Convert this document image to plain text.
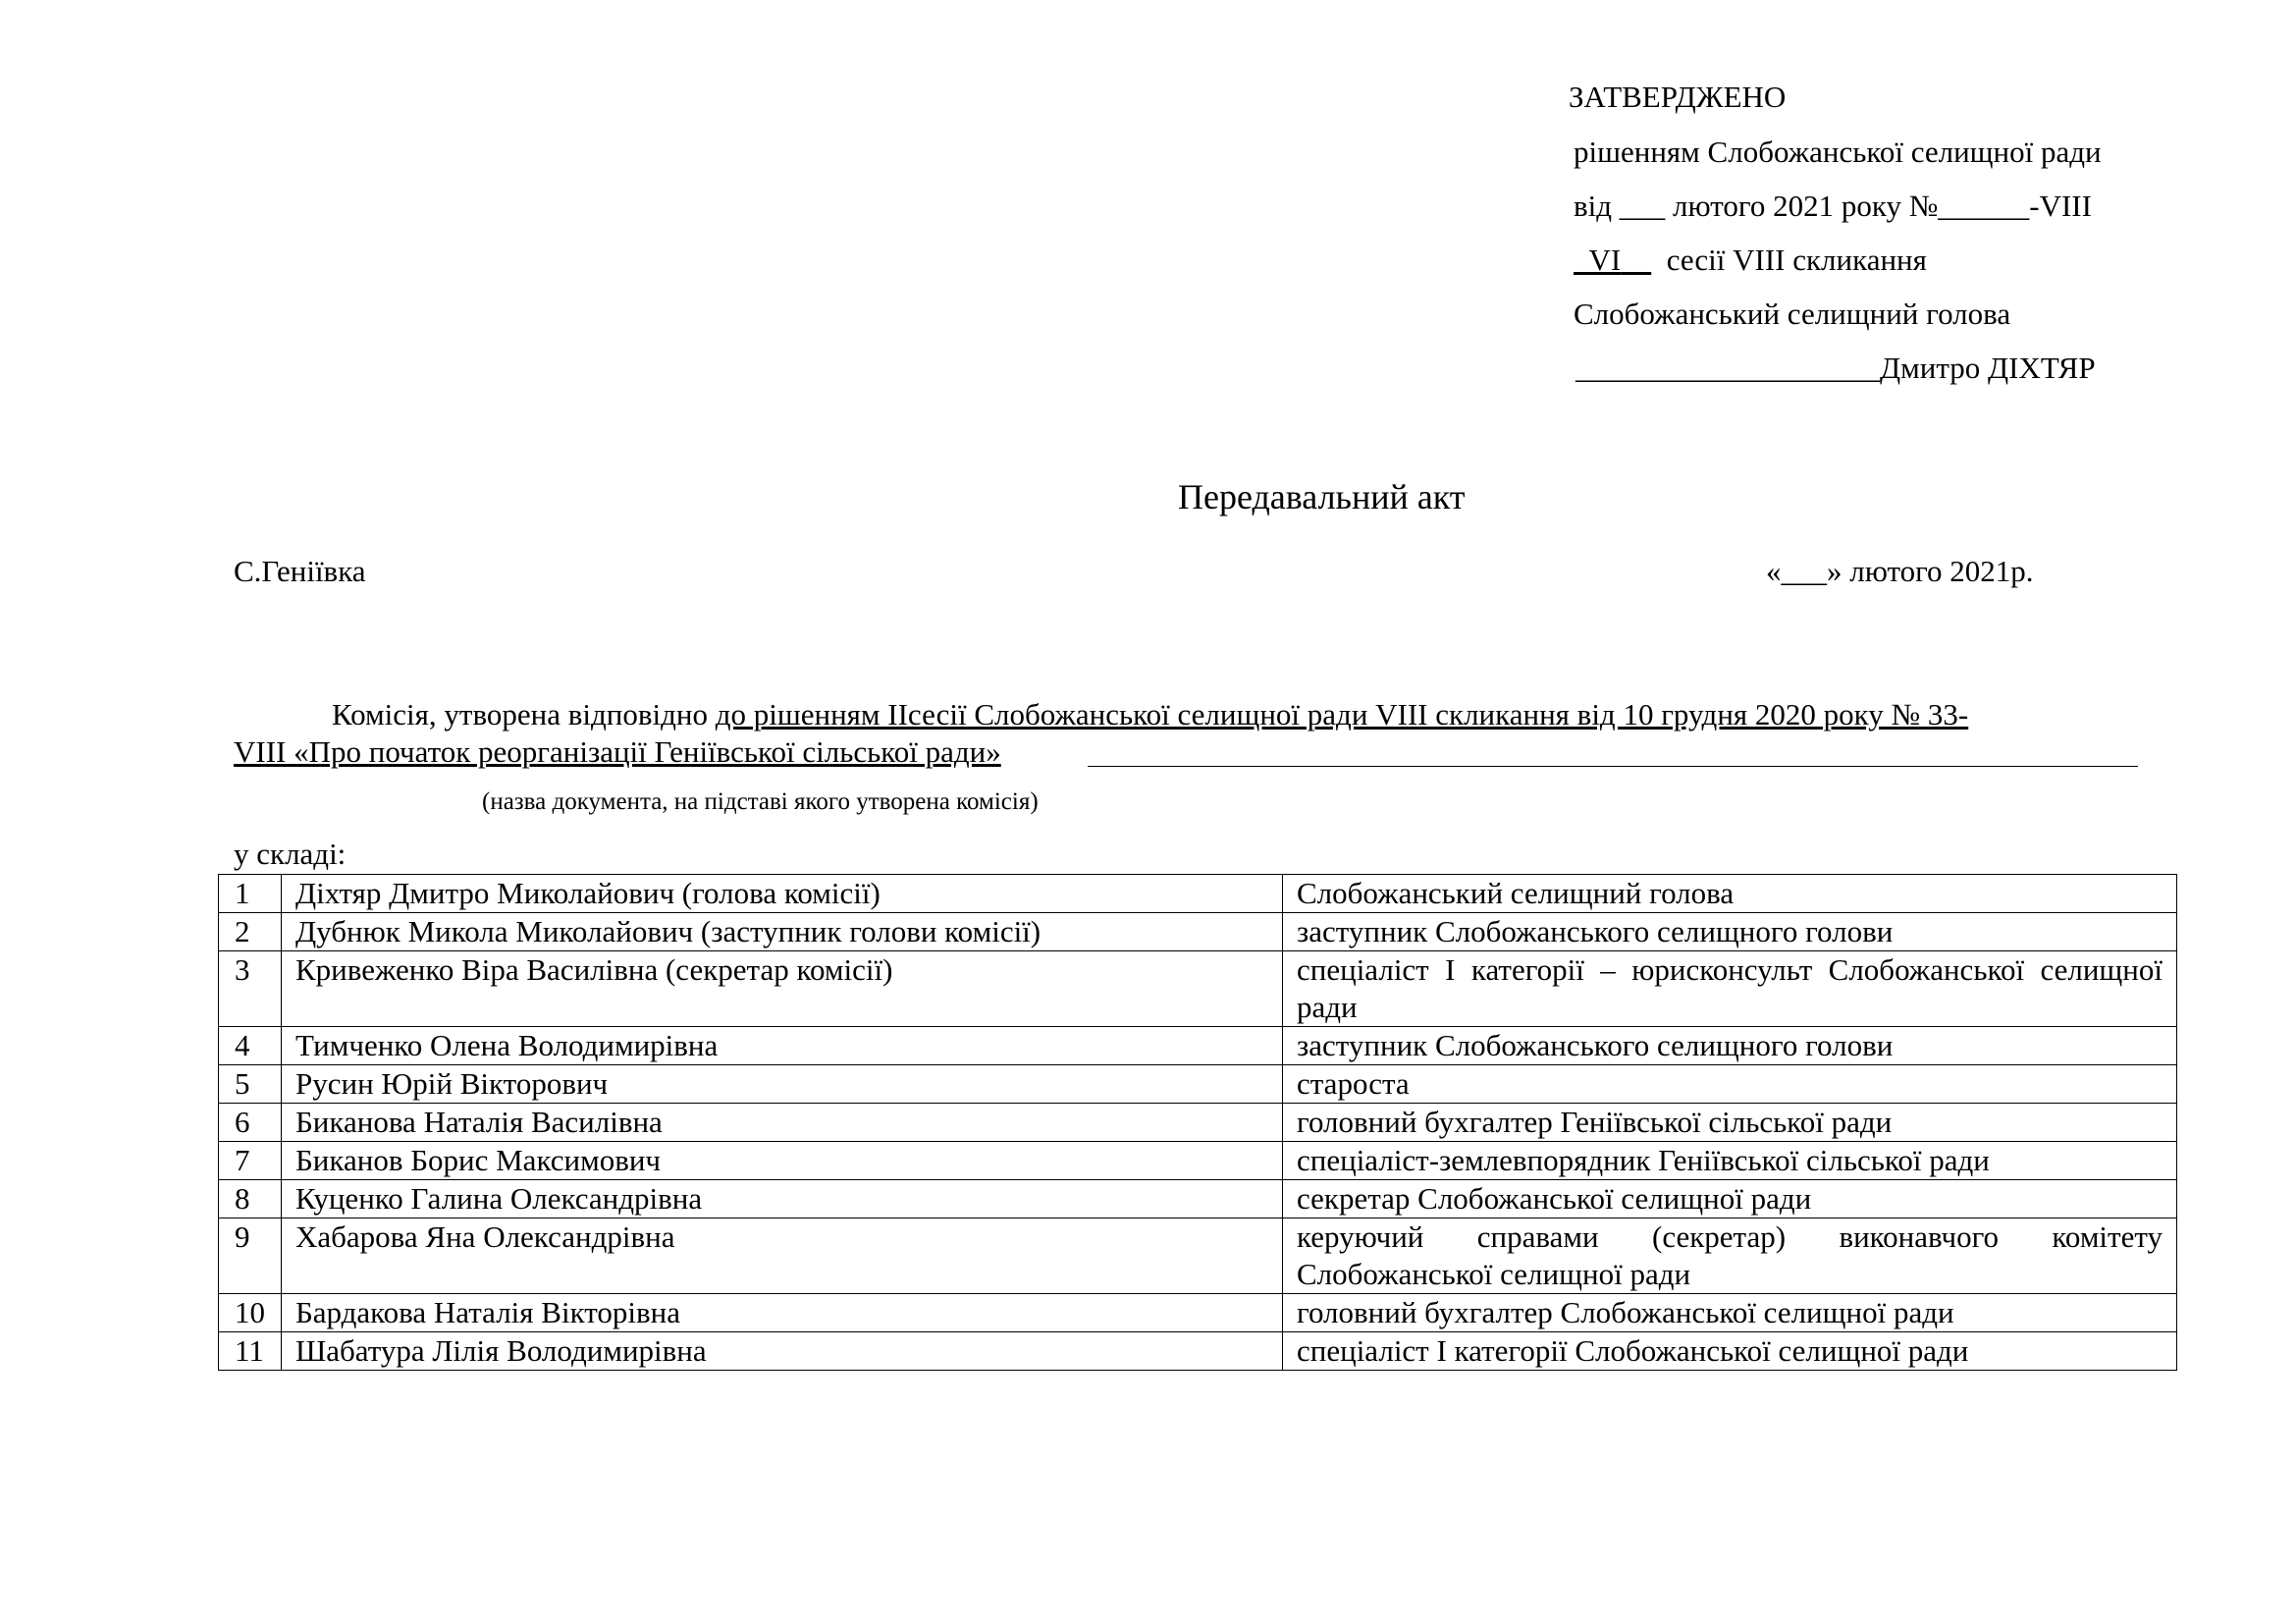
ЗАТВЕРДЖЕНО
рішенням Слобожанської селищної ради
від ___ лютого 2021 року №______-VIII
VI сесії VIII скликання
Слобожанський селищний голова
____________________Дмитро ДІХТЯР
Передавальний акт
С.Геніївка	«___» лютого 2021р.
Комісія, утворена відповідно до рішенням ІІсесії Слобожанської селищної ради VIII скликання від 10 грудня 2020 року № 33-
VIII «Про початок реорганізації Геніївської сільської ради»
(назва документа, на підставі якого утворена комісія)
у складі:
1	Діхтяр Дмитро Миколайович (голова комісії)	Слобожанський селищний голова
2	Дубнюк Микола Миколайович (заступник голови комісії)	заступник Слобожанського селищного голови
3	Кривеженко Віра Василівна (секретар комісії)	спеціаліст І категорії – юрисконсульт Слобожанської селищної ради
4	Тимченко Олена Володимирівна	заступник Слобожанського селищного голови
5	Русин Юрій Вікторович	староста
6	Биканова Наталія Василівна	головний бухгалтер Геніївської сільської ради
7	Биканов Борис Максимович	спеціаліст-землевпорядник Геніївської сільської ради
8	Куценко Галина Олександрівна	секретар Слобожанської селищної ради
9	Хабарова Яна Олександрівна	керуючий справами (секретар) виконавчого комітету Слобожанської селищної ради
10	Бардакова Наталія Вікторівна	головний бухгалтер Слобожанської селищної ради
11	Шабатура Лілія Володимирівна	спеціаліст І категорії Слобожанської селищної ради
